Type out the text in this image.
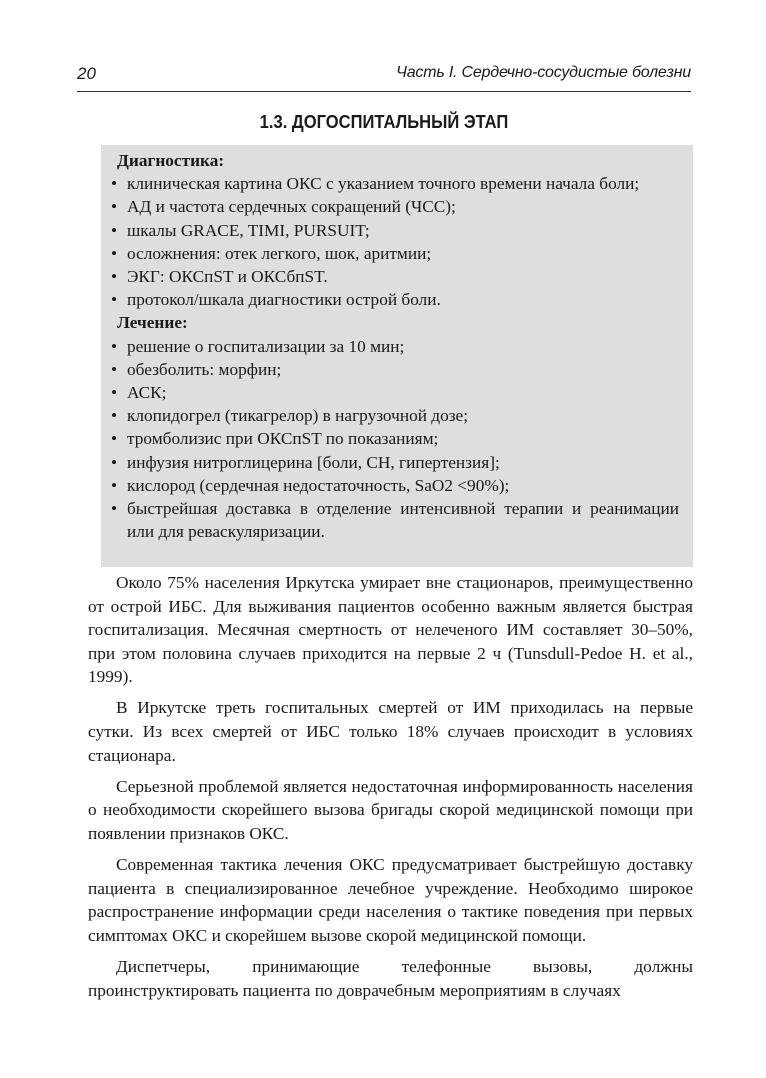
20	Часть I. Сердечно-сосудистые болезни
1.3. ДОГОСПИТАЛЬНЫЙ ЭТАП
Диагностика:
• клиническая картина ОКС с указанием точного времени начала боли;
• АД и частота сердечных сокращений (ЧСС);
• шкалы GRACE, TIMI, PURSUIT;
• осложнения: отек легкого, шок, аритмии;
• ЭКГ: ОКСпST и ОКСбпST.
• протокол/шкала диагностики острой боли.
Лечение:
• решение о госпитализации за 10 мин;
• обезболить: морфин;
• АСК;
• клопидогрел (тикагрелор) в нагрузочной дозе;
• тромболизис при ОКСпST по показаниям;
• инфузия нитроглицерина [боли, СН, гипертензия];
• кислород (сердечная недостаточность, SaO2 <90%);
• быстрейшая доставка в отделение интенсивной терапии и реанимации или для реваскуляризации.

Около 75% населения Иркутска умирает вне стационаров, преимущественно от острой ИБС. Для выживания пациентов особенно важным является быстрая госпитализация. Месячная смертность от нелеченого ИМ составляет 30–50%, при этом половина случаев приходится на первые 2 ч (Tunsdull-Pedoe H. et al., 1999).

В Иркутске треть госпитальных смертей от ИМ приходилась на первые сутки. Из всех смертей от ИБС только 18% случаев происходит в условиях стационара.

Серьезной проблемой является недостаточная информированность населения о необходимости скорейшего вызова бригады скорой медицинской помощи при появлении признаков ОКС.

Современная тактика лечения ОКС предусматривает быстрейшую доставку пациента в специализированное лечебное учреждение. Необходимо широкое распространение информации среди населения о тактике поведения при первых симптомах ОКС и скорейшем вызове скорой медицинской помощи.

Диспетчеры, принимающие телефонные вызовы, должны проинструктировать пациента по доврачебным мероприятиям в случаях
